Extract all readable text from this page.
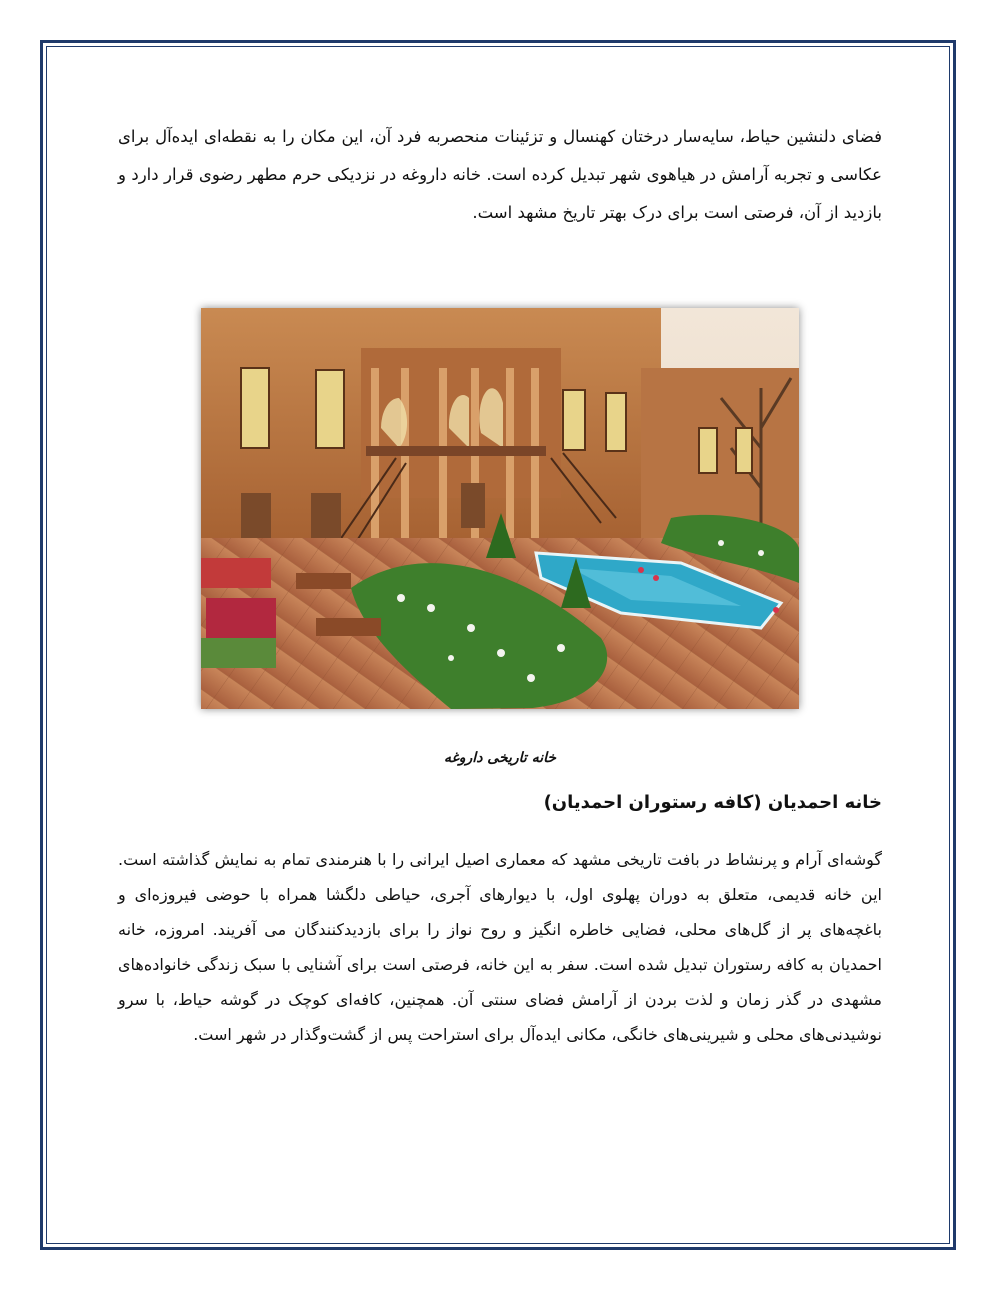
فضای دلنشین حیاط، سایه‌سار درختان کهنسال و تزئینات منحصربه فرد آن، این مکان را به نقطه‌ای ایده‌آل برای عکاسی و تجربه آرامش در هیاهوی شهر تبدیل کرده است. خانه داروغه در نزدیکی حرم مطهر رضوی قرار دارد و بازدید از آن، فرصتی است برای درک بهتر تاریخ مشهد است.

خانه تاریخی داروغه

خانه احمدیان (کافه رستوران احمدیان)

گوشه‌ای آرام و پرنشاط در بافت تاریخی مشهد که معماری اصیل ایرانی را با هنرمندی تمام به نمایش گذاشته است. این خانه قدیمی، متعلق به دوران پهلوی اول، با دیوارهای آجری، حیاطی دلگشا همراه با حوضی فیروزه‌ای و باغچه‌های پر از گل‌های محلی، فضایی خاطره انگیز و روح نواز را برای بازدیدکنندگان می آفریند. امروزه، خانه احمدیان به کافه رستوران تبدیل شده است. سفر به این خانه، فرصتی است برای آشنایی با سبک زندگی خانواده‌های مشهدی در گذر زمان و لذت بردن از آرامش فضای سنتی آن. همچنین، کافه‌ای کوچک در گوشه حیاط، با سرو نوشیدنی‌های محلی و شیرینی‌های خانگی، مکانی ایده‌آل برای استراحت پس از گشت‌وگذار در شهر است.
